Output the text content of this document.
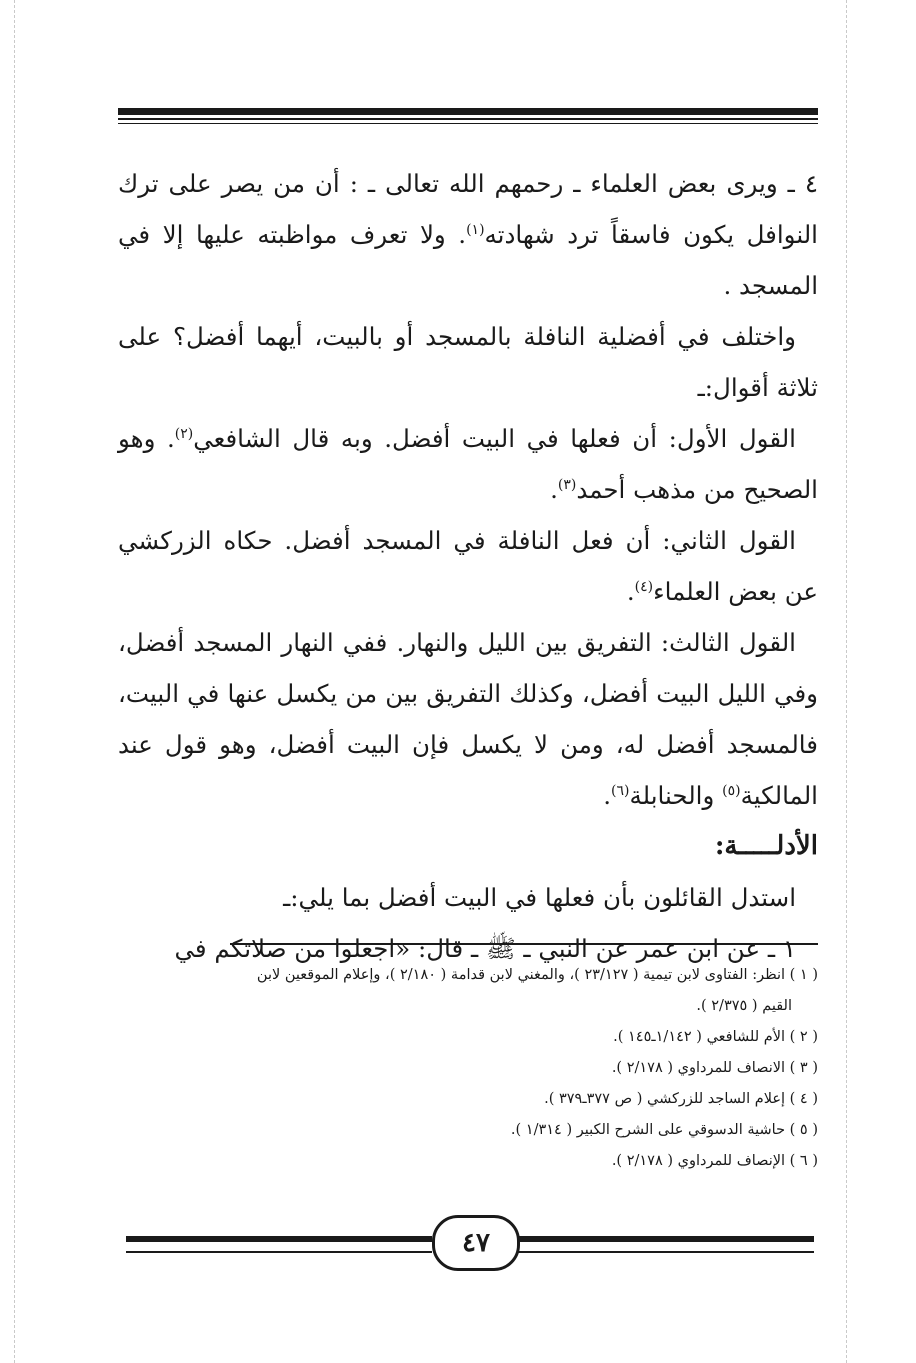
٤ ـ ويرى بعض العلماء ـ رحمهم الله تعالى ـ : أن من يصر على ترك النوافل يكون فاسقاً ترد شهادته$^{(١)}$. ولا تعرف مواظبته عليها إلا في المسجد .

واختلف في أفضلية النافلة بالمسجد أو بالبيت، أيهما أفضل؟ على ثلاثة أقوال:ـ

القول الأول: أن فعلها في البيت أفضل. وبه قال الشافعي$^{(٢)}$. وهو الصحيح من مذهب أحمد$^{(٣)}$.

القول الثاني: أن فعل النافلة في المسجد أفضل. حكاه الزركشي عن بعض العلماء$^{(٤)}$.

القول الثالث: التفريق بين الليل والنهار. ففي النهار المسجد أفضل، وفي الليل البيت أفضل، وكذلك التفريق بين من يكسل عنها في البيت، فالمسجد أفضل له، ومن لا يكسل فإن البيت أفضل، وهو قول عند المالكية$^{(٥)}$ والحنابلة$^{(٦)}$.

الأدلـــــة:

استدل القائلون بأن فعلها في البيت أفضل بما يلي:ـ

١ ـ عن ابن عمر عن النبي ـ ﷺ ـ قال: «اجعلوا من صلاتكم في

( ١ ) انظر: الفتاوى لابن تيمية ( ٢٣/١٢٧ )، والمغني لابن قدامة ( ٢/١٨٠ )، وإعلام الموقعين لابن

القيم ( ٢/٣٧٥ ).

( ٢ ) الأم للشافعي ( ١/١٤٢ـ١٤٥ ).

( ٣ ) الانصاف للمرداوي ( ٢/١٧٨ ).

( ٤ ) إعلام الساجد للزركشي ( ص ٣٧٧ـ٣٧٩ ).

( ٥ ) حاشية الدسوقي على الشرح الكبير ( ١/٣١٤ ).

( ٦ ) الإنصاف للمرداوي ( ٢/١٧٨ ).

٤٧
